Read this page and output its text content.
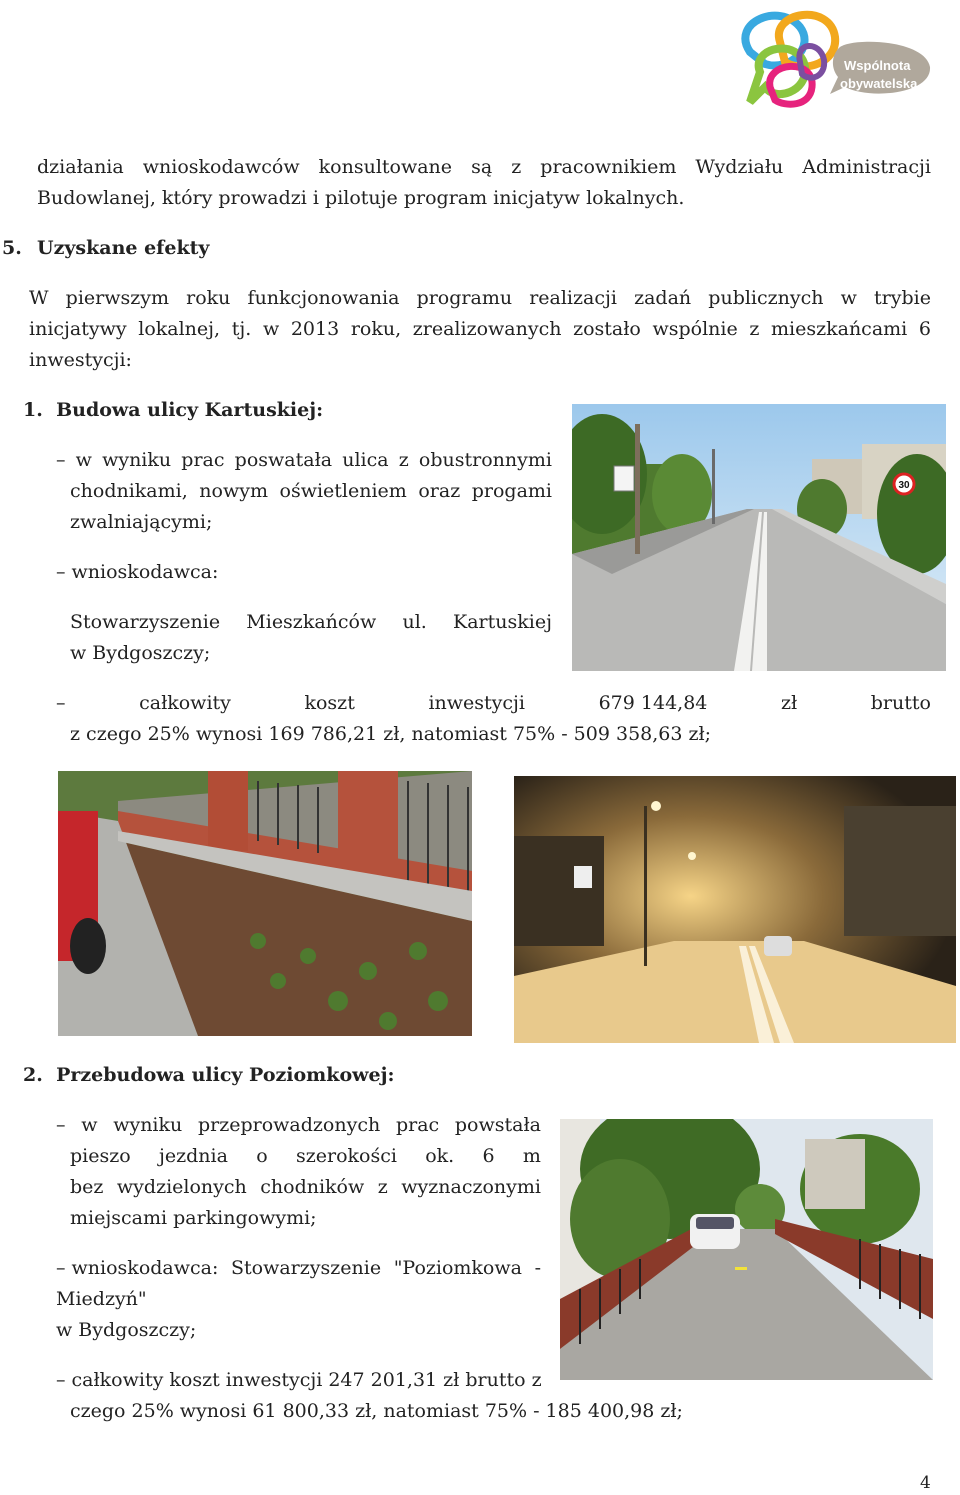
Wspólnota
obywatelska
działania wnioskodawców konsultowane są z pracownikiem Wydziału Administracji
Budowlanej, który prowadzi i pilotuje program inicjatyw lokalnych.
5. Uzyskane efekty
W pierwszym roku funkcjonowania programu realizacji zadań publicznych w trybie
inicjatywy lokalnej, tj. w 2013 roku, zrealizowanych zostało wspólnie z mieszkańcami 6
inwestycji:
1.  Budowa ulicy Kartuskiej:
– w wyniku prac poswatała ulica z obustronnymi
chodnikami, nowym oświetleniem oraz progami
zwalniającymi;
– wnioskodawca:
Stowarzyszenie Mieszkańców ul. Kartuskiej
w Bydgoszczy;
–	całkowity	koszt	inwestycji	679 144,84	zł	brutto
z czego 25% wynosi 169 786,21 zł, natomiast 75% - 509 358,63 zł;
30
2.  Przebudowa ulicy Poziomkowej:
– w wyniku przeprowadzonych prac powstała
pieszo jezdnia o szerokości ok. 6 m
bez wydzielonych chodników z wyznaczonymi
miejscami parkingowymi;
– wnioskodawca: Stowarzyszenie "Poziomkowa -
Miedzyń"
w Bydgoszczy;
– całkowity koszt inwestycji 247 201,31 zł brutto z
czego 25% wynosi 61 800,33 zł, natomiast 75% - 185 400,98 zł;
4
